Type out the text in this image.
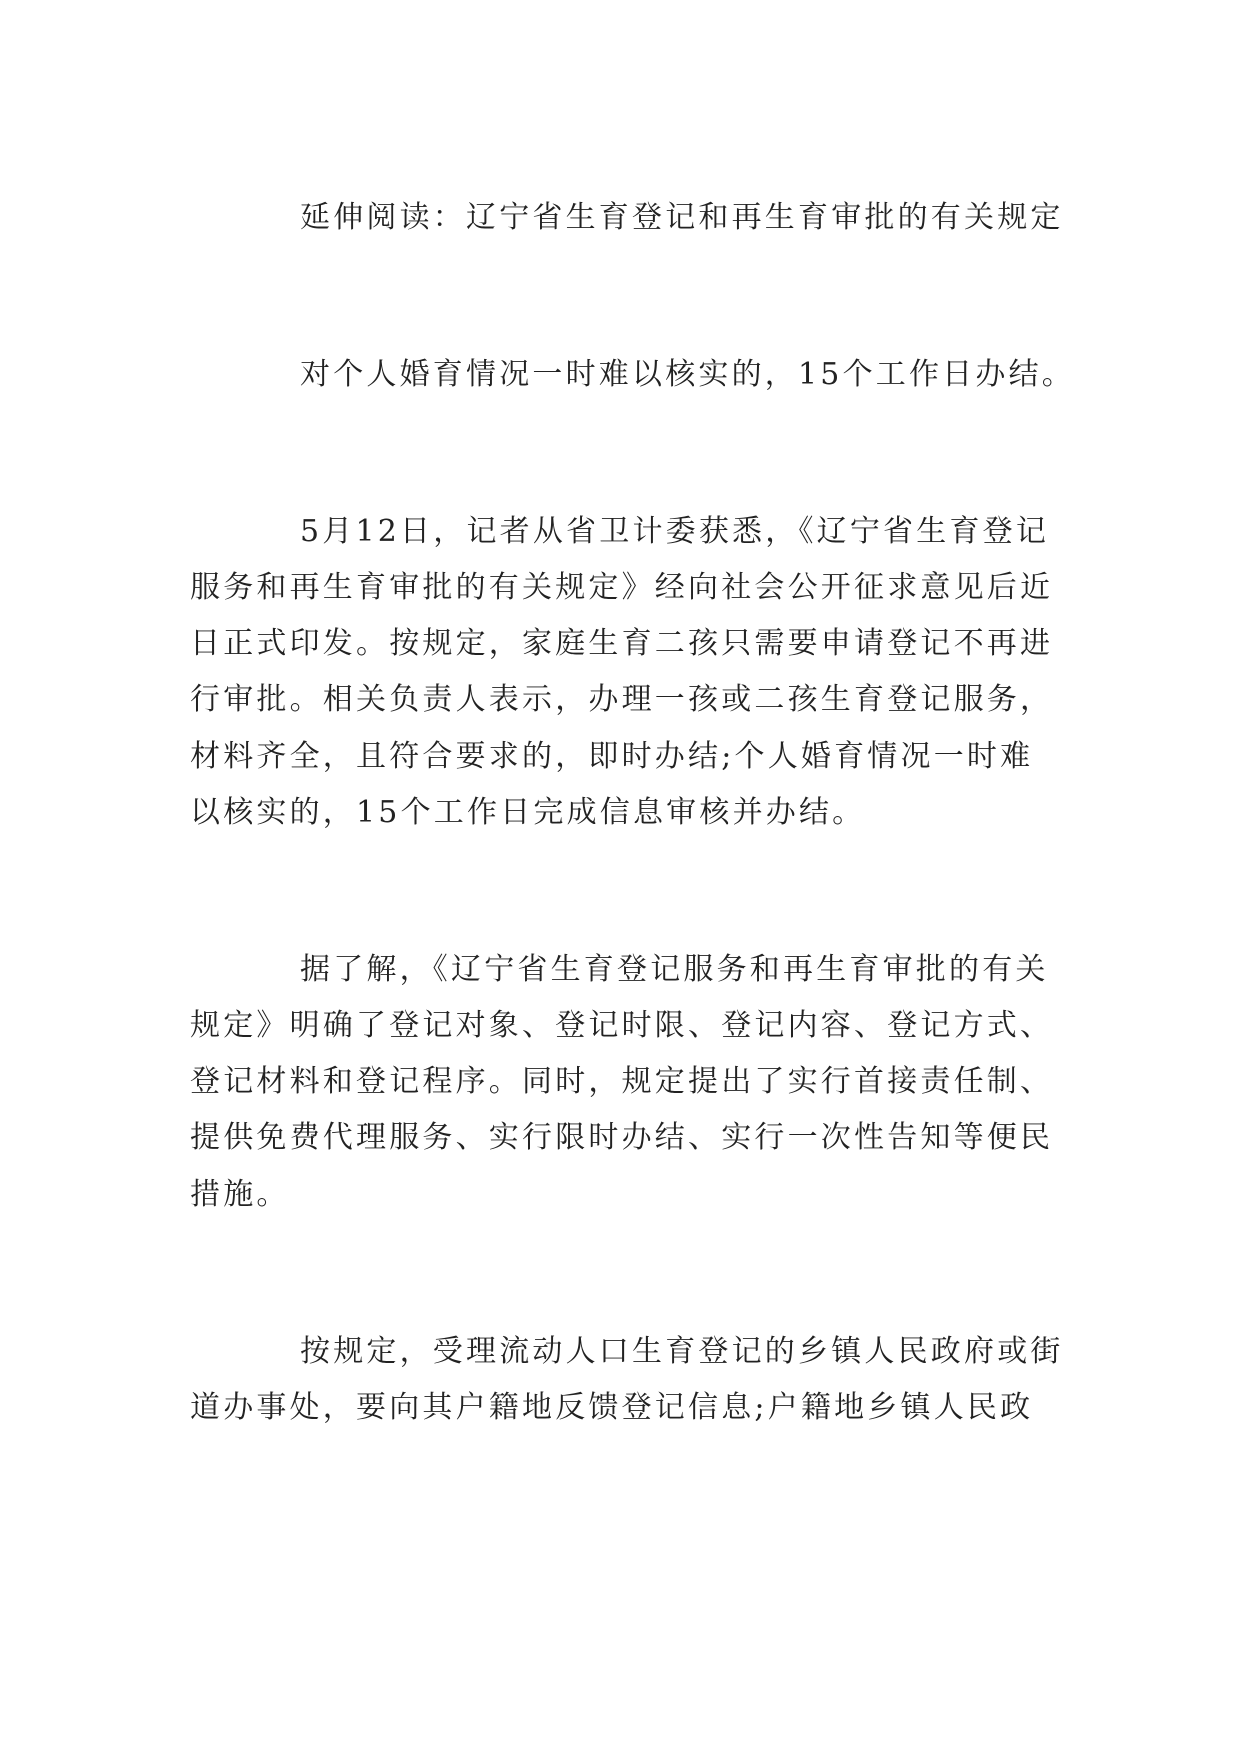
延伸阅读：辽宁省生育登记和再生育审批的有关规定

对个人婚育情况一时难以核实的，15个工作日办结。

5月12日，记者从省卫计委获悉，《辽宁省生育登记

服务和再生育审批的有关规定》经向社会公开征求意见后近

日正式印发。按规定，家庭生育二孩只需要申请登记不再进

行审批。相关负责人表示，办理一孩或二孩生育登记服务，

材料齐全，且符合要求的，即时办结;个人婚育情况一时难

以核实的，15个工作日完成信息审核并办结。

据了解，《辽宁省生育登记服务和再生育审批的有关

规定》明确了登记对象、登记时限、登记内容、登记方式、

登记材料和登记程序。同时，规定提出了实行首接责任制、

提供免费代理服务、实行限时办结、实行一次性告知等便民

措施。

按规定，受理流动人口生育登记的乡镇人民政府或街

道办事处，要向其户籍地反馈登记信息;户籍地乡镇人民政
